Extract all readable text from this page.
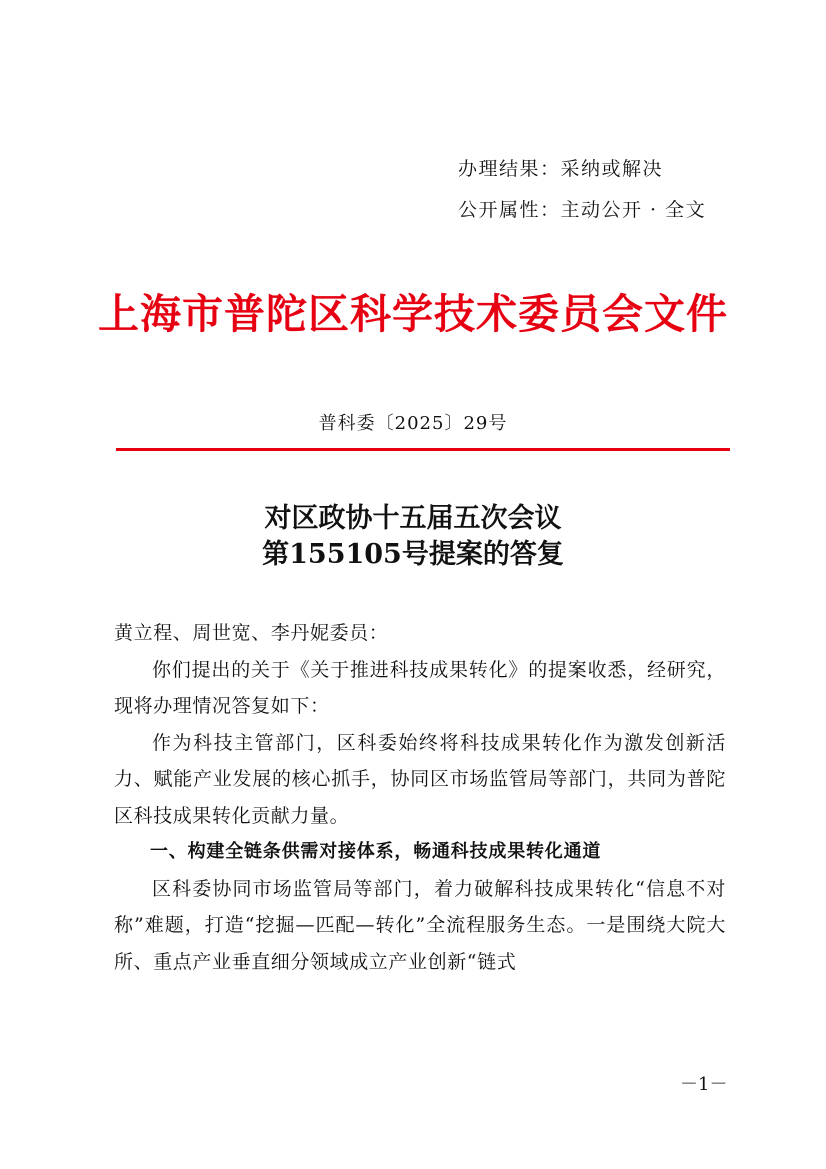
办理结果：采纳或解决
公开属性：主动公开 · 全文
上海市普陀区科学技术委员会文件
普科委〔2025〕29号
对区政协十五届五次会议
第155105号提案的答复

黄立程、周世宽、李丹妮委员：

你们提出的关于《关于推进科技成果转化》的提案收悉，经研究，现将办理情况答复如下：

作为科技主管部门，区科委始终将科技成果转化作为激发创新活力、赋能产业发展的核心抓手，协同区市场监管局等部门，共同为普陀区科技成果转化贡献力量。

一、构建全链条供需对接体系，畅通科技成果转化通道

区科委协同市场监管局等部门，着力破解科技成果转化“信息不对称”难题，打造“挖掘—匹配—转化”全流程服务生态。一是围绕大院大所、重点产业垂直细分领域成立产业创新“链式

－1－
